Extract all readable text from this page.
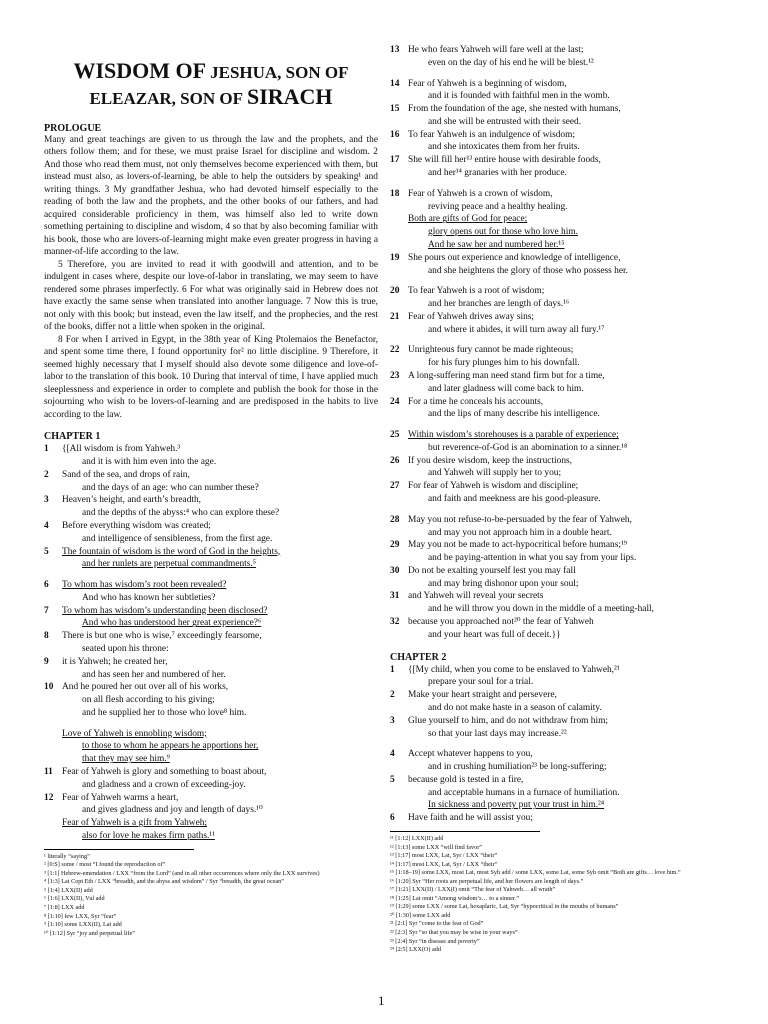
WISDOM OF JESHUA, SON OF
ELEAZAR, SON OF SIRACH
PROLOGUE
Many and great teachings are given to us through the law and the prophets, and the others follow them; and for these, we must praise Israel for discipline and wisdom. 2 And those who read them must, not only themselves become experienced with them, but instead must also, as lovers-of-learning, be able to help the outsiders by speaking¹ and writing things. 3 My grandfather Jeshua, who had devoted himself especially to the reading of both the law and the prophets, and the other books of our fathers, and had acquired considerable proficiency in them, was himself also led to write down something pertaining to discipline and wisdom, 4 so that by also becoming familiar with his book, those who are lovers-of-learning might make even greater progress in having a manner-of-life according to the law.
5 Therefore, you are invited to read it with goodwill and attention, and to be indulgent in cases where, despite our love-of-labor in translating, we may seem to have rendered some phrases imperfectly. 6 For what was originally said in Hebrew does not have exactly the same sense when translated into another language. 7 Now this is true, not only with this book; but instead, even the law itself, and the prophecies, and the rest of the books, differ not a little when spoken in the original.
8 For when I arrived in Egypt, in the 38th year of King Ptolemaios the Benefactor, and spent some time there, I found opportunity for² no little discipline. 9 Therefore, it seemed highly necessary that I myself should also devote some diligence and love-of-labor to the translation of this book. 10 During that interval of time, I have applied much sleeplessness and experience in order to complete and publish the book for those in the sojourning who wish to be lovers-of-learning and are predisposed in the habits to live according to the law.
CHAPTER 1
1	{[All wisdom is from Yahweh.³
and it is with him even into the age.
2	Sand of the sea, and drops of rain,
and the days of an age: who can number these?
3	Heaven’s height, and earth’s breadth,
and the depths of the abyss:⁴ who can explore these?
4	Before everything wisdom was created;
and intelligence of sensibleness, from the first age.
5	The fountain of wisdom is the word of God in the heights,
and her runlets are perpetual commandments.⁵
6	To whom has wisdom’s root been revealed?
And who has known her subtleties?
7	To whom has wisdom’s understanding been disclosed?
And who has understood her great experience?⁶
8	There is but one who is wise,⁷ exceedingly fearsome,
seated upon his throne:
9	it is Yahweh; he created her,
and has seen her and numbered of her.
10 And he poured her out over all of his works,
on all flesh according to his giving;
and he supplied her to those who love⁸ him.
Love of Yahweh is ennobling wisdom;
to those to whom he appears he apportions her,
that they may see him.⁹
11 Fear of Yahweh is glory and something to boast about,
and gladness and a crown of exceeding-joy.
12 Fear of Yahweh warms a heart,
and gives gladness and joy and length of days.¹⁰
Fear of Yahweh is a gift from Yahweh;
also for love he makes firm paths.¹¹
¹ literally “saying”
² [0:S] some / most “I found the reproduction of”
³ [1:1] Hebrew-emendation / LXX “from the Lord” (and in all other occurrences where only the LXX survives)
⁴ [1:3] Lat Copt Eth / LXX “breadth, and the abyss and wisdom” / Syr “breadth, the great ocean”
⁵ [1:4] LXX(II) add
⁶ [1:6] LXX(II), Vul add
⁷ [1:8] LXX add
⁸ [1:10] few LXX, Syr “fear”
⁹ [1:10] some LXX(II), Lat add
¹⁰ [1:12] Syr “joy and perpetual life”
13 He who fears Yahweh will fare well at the last;
even on the day of his end he will be blest.¹²
14 Fear of Yahweh is a beginning of wisdom,
and it is founded with faithful men in the womb.
15 From the foundation of the age, she nested with humans,
and she will be entrusted with their seed.
16 To fear Yahweh is an indulgence of wisdom;
and she intoxicates them from her fruits.
17 She will fill her¹³ entire house with desirable foods,
and her¹⁴ granaries with her produce.
18 Fear of Yahweh is a crown of wisdom,
reviving peace and a healthy healing.
Both are gifts of God for peace;
glory opens out for those who love him.
And he saw her and numbered her.¹⁵
19 She pours out experience and knowledge of intelligence,
and she heightens the glory of those who possess her.
20 To fear Yahweh is a root of wisdom;
and her branches are length of days.¹⁶
21 Fear of Yahweh drives away sins;
and where it abides, it will turn away all fury.¹⁷
22 Unrighteous fury cannot be made righteous;
for his fury plunges him to his downfall.
23 A long-suffering man need stand firm but for a time,
and later gladness will come back to him.
24 For a time he conceals his accounts,
and the lips of many describe his intelligence.
25 Within wisdom’s storehouses is a parable of experience;
but reverence-of-God is an abomination to a sinner.¹⁸
26 If you desire wisdom, keep the instructions,
and Yahweh will supply her to you;
27 For fear of Yahweh is wisdom and discipline;
and faith and meekness are his good-pleasure.
28 May you not refuse-to-be-persuaded by the fear of Yahweh,
and may you not approach him in a double heart.
29 May you not be made to act-hypocritical before humans;¹⁹
and be paying-attention in what you say from your lips.
30 Do not be exalting yourself lest you may fall
and may bring dishonor upon your soul;
31 and Yahweh will reveal your secrets
and he will throw you down in the middle of a meeting-hall,
32 because you approached not²⁰ the fear of Yahweh
and your heart was full of deceit.}}
CHAPTER 2
1	{[My child, when you come to be enslaved to Yahweh,²¹
prepare your soul for a trial.
2	Make your heart straight and persevere,
and do not make haste in a season of calamity.
3	Glue yourself to him, and do not withdraw from him;
so that your last days may increase.²²
4	Accept whatever happens to you,
and in crushing humiliation²³ be long-suffering;
5	because gold is tested in a fire,
and acceptable humans in a furnace of humiliation.
In sickness and poverty put your trust in him.²⁴
6	Have faith and he will assist you;
¹¹ [1:12] LXX(II) add
¹² [1:13] some LXX “will find favor”
¹³ [1:17] most LXX, Lat, Syr / LXX “their”
¹⁴ [1:17] most LXX, Lat, Syr / LXX “their”
¹⁵ [1:18–19] some LXX, most Lat, most Syh add / some LXX, some Lat, some Syh omit “Both are gifts… love him.”
¹⁶ [1:20] Syr “Her roots are perpetual life, and her flowers are length of days.”
¹⁷ [1:21] LXX(II) / LXX(I) omit “The fear of Yahweh… all wrath”
¹⁸ [1:25] Lat omit “Among wisdom’s… to a sinner.”
¹⁹ [1:29] some LXX / some Lat, hexaplaric, Lat, Syr “hypocritical in the mouths of humans”
²⁰ [1:30] some LXX add
²¹ [2:1] Syr “come to the fear of God”
²² [2:3] Syr “so that you may be wise in your ways”
²³ [2:4] Syr “in disease and poverty”
²⁴ [2:5] LXX(O) add
1
